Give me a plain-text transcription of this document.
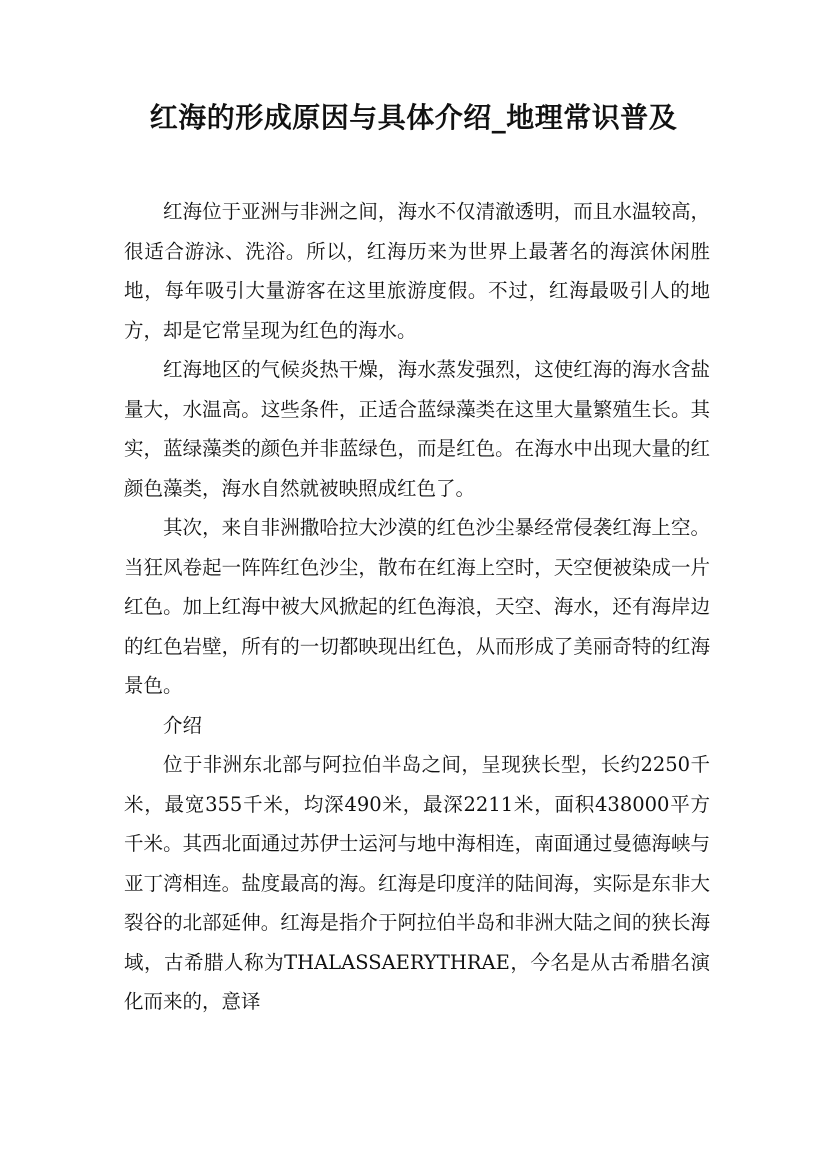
红海的形成原因与具体介绍_地理常识普及

红海位于亚洲与非洲之间，海水不仅清澈透明，而且水温较高，很适合游泳、洗浴。所以，红海历来为世界上最著名的海滨休闲胜地，每年吸引大量游客在这里旅游度假。不过，红海最吸引人的地方，却是它常呈现为红色的海水。

红海地区的气候炎热干燥，海水蒸发强烈，这使红海的海水含盐量大，水温高。这些条件，正适合蓝绿藻类在这里大量繁殖生长。其实，蓝绿藻类的颜色并非蓝绿色，而是红色。在海水中出现大量的红颜色藻类，海水自然就被映照成红色了。

其次，来自非洲撒哈拉大沙漠的红色沙尘暴经常侵袭红海上空。当狂风卷起一阵阵红色沙尘，散布在红海上空时，天空便被染成一片红色。加上红海中被大风掀起的红色海浪，天空、海水，还有海岸边的红色岩壁，所有的一切都映现出红色，从而形成了美丽奇特的红海景色。

介绍

位于非洲东北部与阿拉伯半岛之间，呈现狭长型，长约2250千米，最宽355千米，均深490米，最深2211米，面积438000平方千米。其西北面通过苏伊士运河与地中海相连，南面通过曼德海峡与亚丁湾相连。盐度最高的海。红海是印度洋的陆间海，实际是东非大裂谷的北部延伸。红海是指介于阿拉伯半岛和非洲大陆之间的狭长海域，古希腊人称为THALASSAERYTHRAE，今名是从古希腊名演化而来的，意译
